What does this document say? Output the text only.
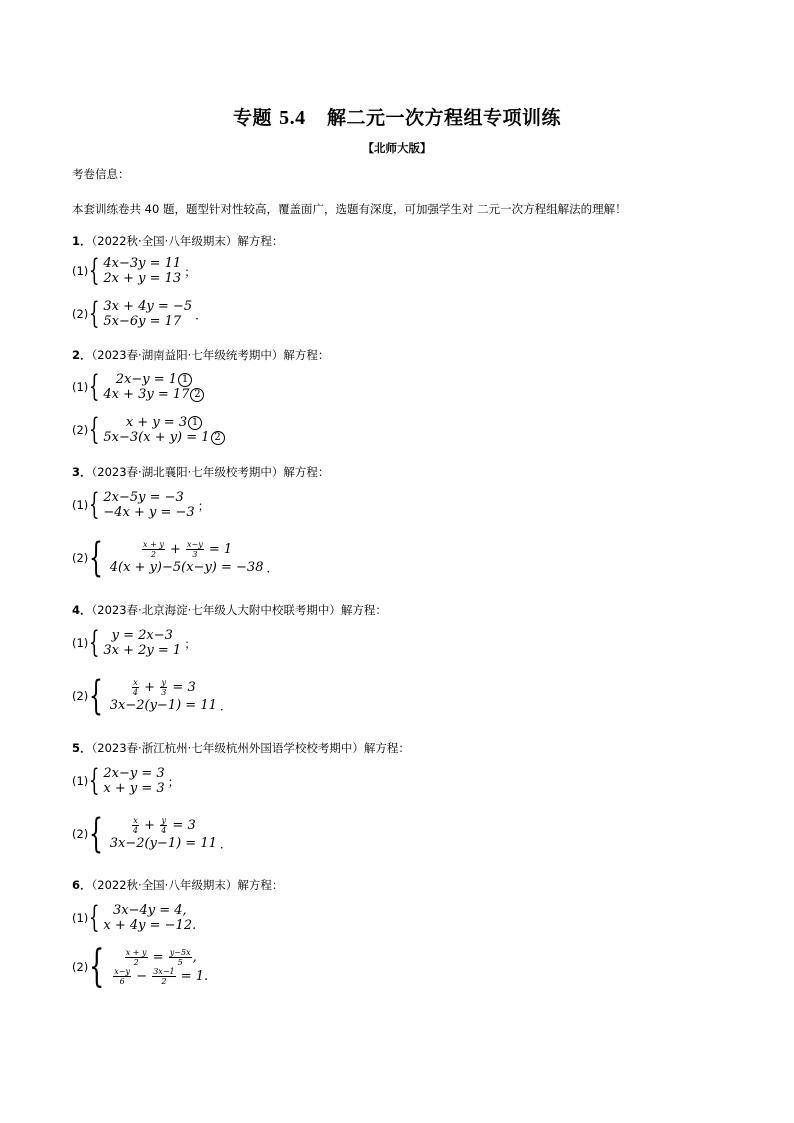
专题 5.4 解二元一次方程组专项训练
【北师大版】
考卷信息：
本套训练卷共 40 题，题型针对性较高，覆盖面广，选题有深度，可加强学生对 二元一次方程组解法的理解！
1．（2022秋·全国·八年级期末）解方程：
(1) { 4x−3y = 11
2x + y = 13 ；
(2) { 3x + 4y = −5
5x−6y = 17	．
2．（2023春·湖南益阳·七年级统考期中）解方程：
(1) {	2x−y = 1 1
4x + 3y = 17 2
(2) {	x + y = 3 1
5x−3(x + y) = 1 2
3．（2023春·湖北襄阳·七年级校考期中）解方程：
(1) { 2x−5y = −3
−4x + y = −3 ；
(2) {	$\frac{x + y}{2} + \frac{x-y}{3} = 1$
4(x + y)−5(x−y) = −38 ．
4．（2023春·北京海淀·七年级人大附中校联考期中）解方程：
(1) { y = 2x−3
3x + 2y = 1 ；
(2) {	$\frac{x}{4} + \frac{y}{3} = 3$
3x−2(y−1) = 11 ．
5．（2023春·浙江杭州·七年级杭州外国语学校校考期中）解方程：
(1) { 2x−y = 3
x + y = 3 ；
(2) {	$\frac{x}{4} + \frac{y}{4} = 3$
3x−2(y−1) = 11 ．
6．（2022秋·全国·八年级期末）解方程：
(1) {	3x−4y = 4,
x + 4y = −12.
(2) {	$\frac{x + y}{2} = \frac{y-5x}{5}$ ,
$\frac{x-y}{6} - \frac{3x-1}{2} = 1$.
